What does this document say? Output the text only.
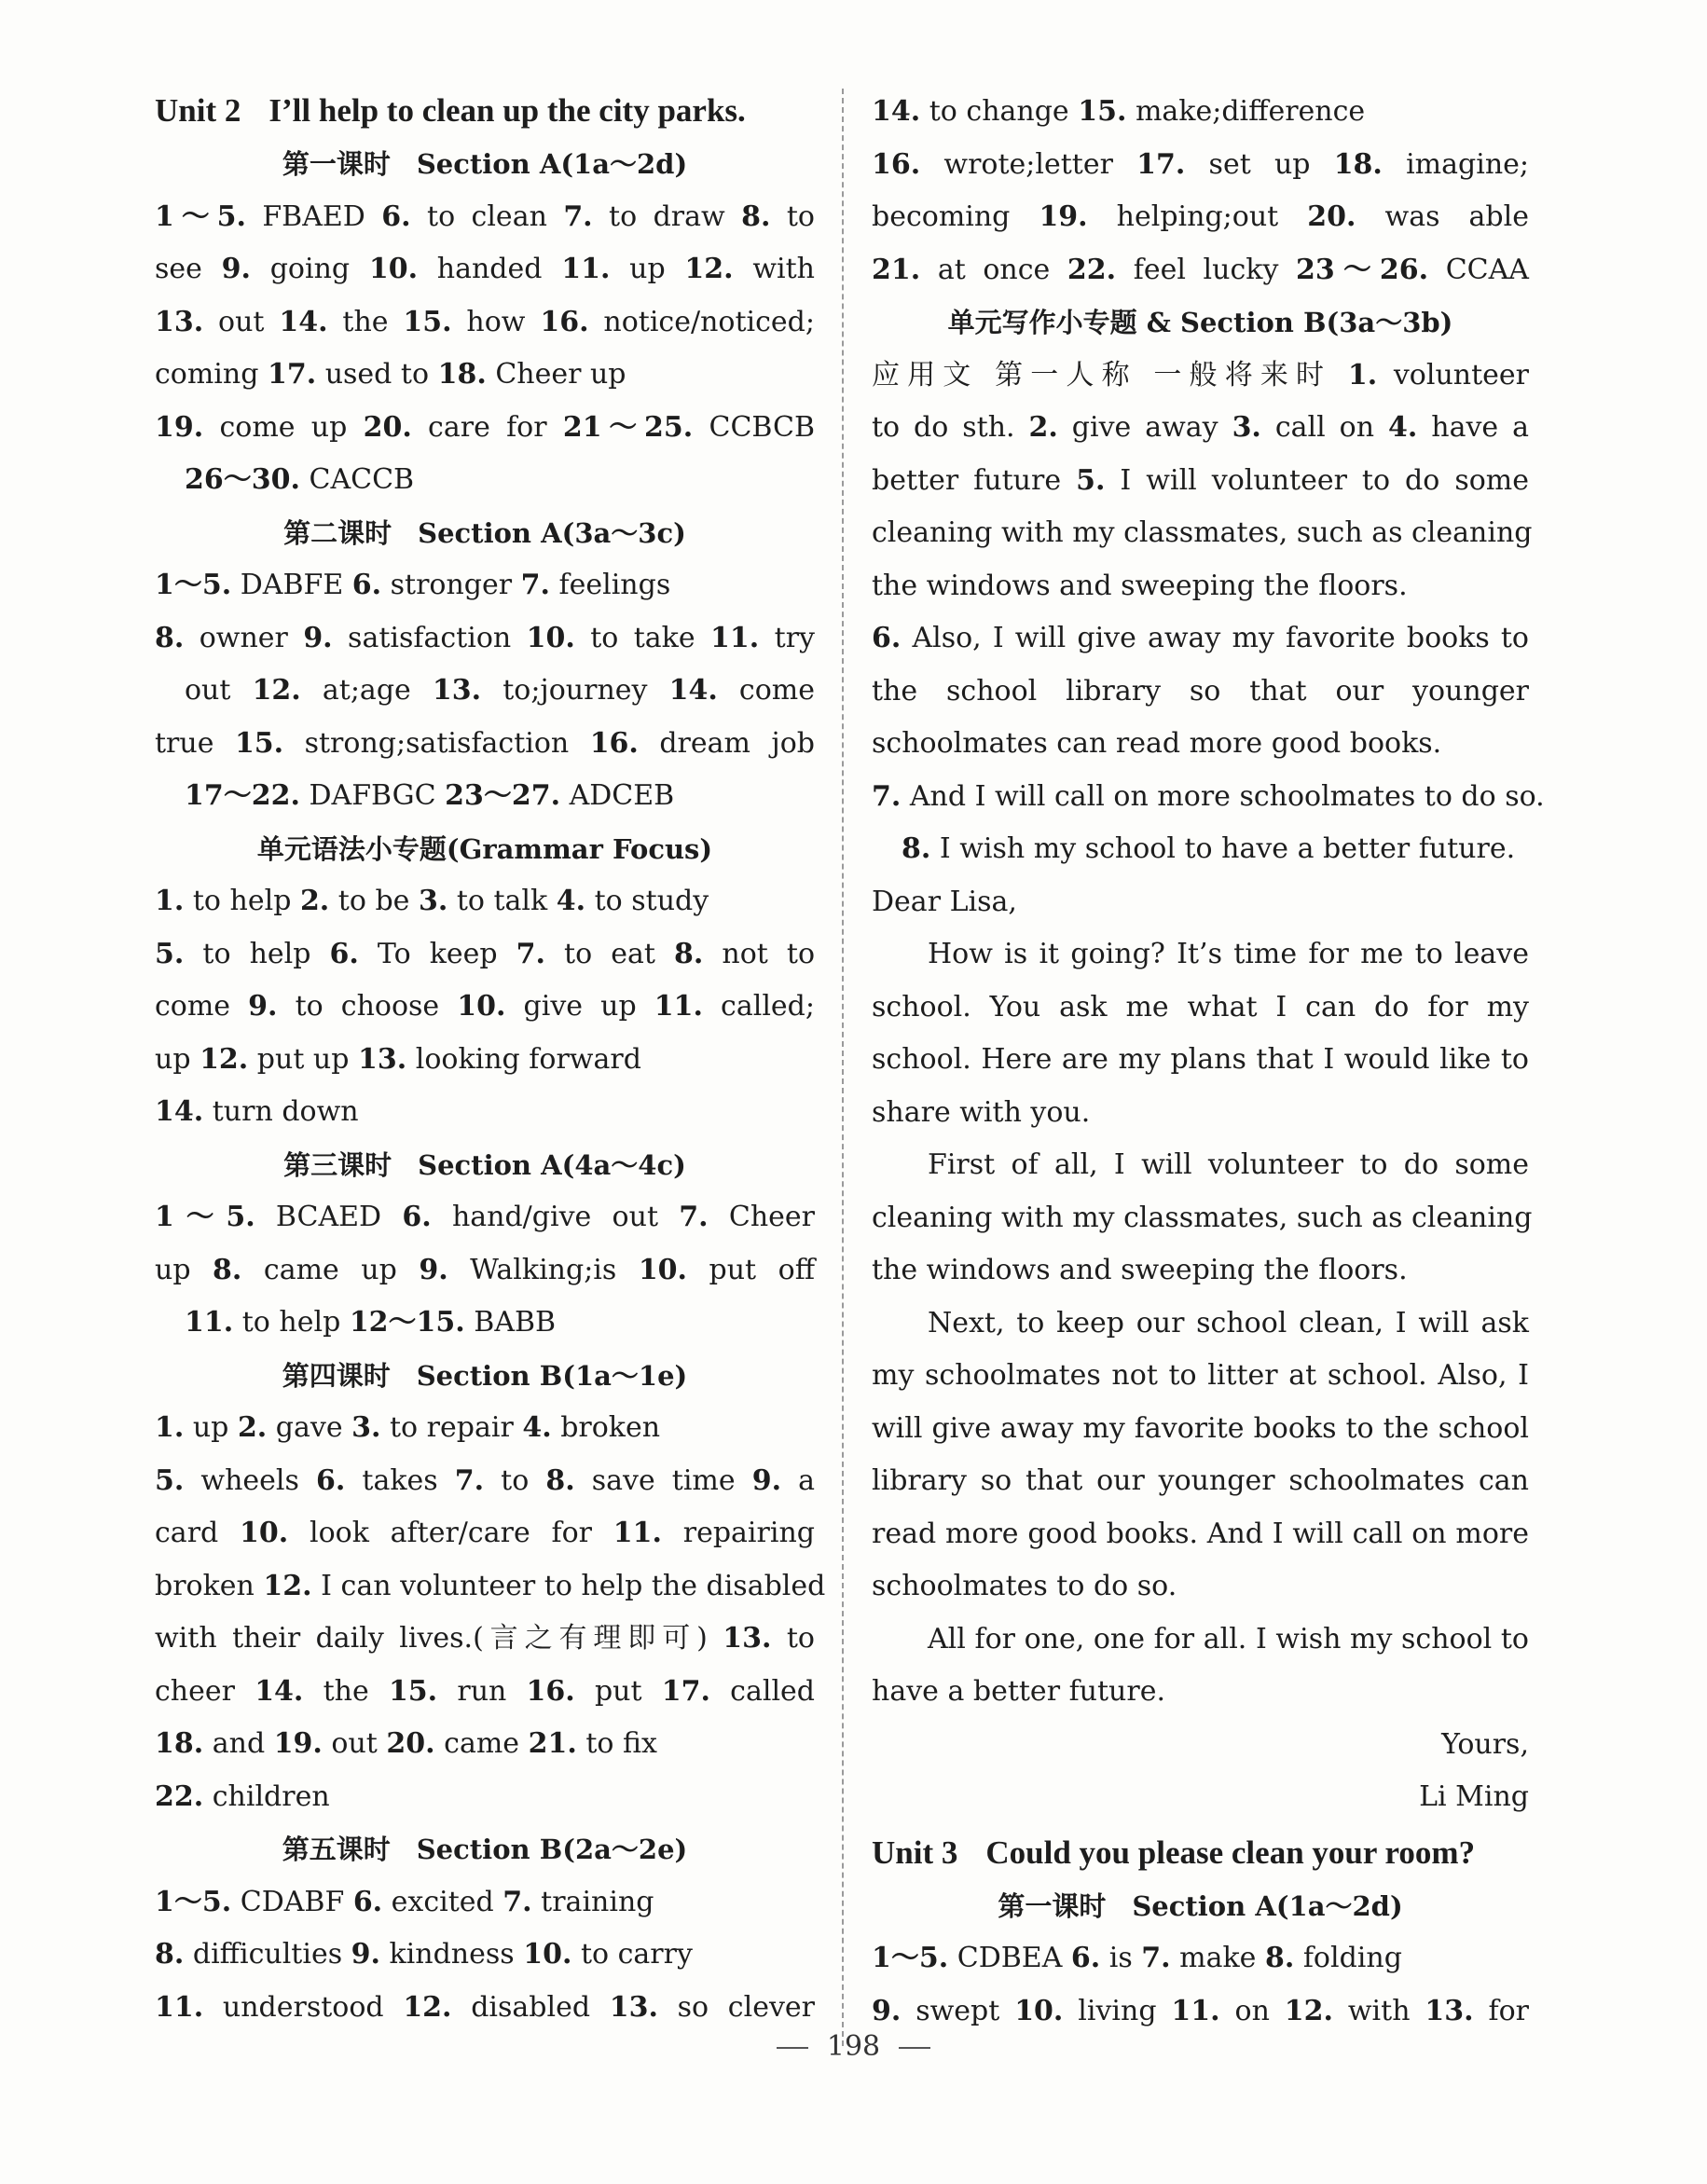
Unit 2 I’ll help to clean up the city parks.
第一课时 Section A(1a～2d)
1～5. FBAED 6. to clean 7. to draw 8. to
see 9. going 10. handed 11. up 12. with
13. out 14. the 15. how 16. notice/noticed;
coming 17. used to 18. Cheer up
19. come up 20. care for 21～25. CCBCB
26～30. CACCB
第二课时 Section A(3a～3c)
1～5. DABFE 6. stronger 7. feelings
8. owner 9. satisfaction 10. to take 11. try
out 12. at;age 13. to;journey 14. come
true 15. strong;satisfaction 16. dream job
17～22. DAFBGC 23～27. ADCEB
单元语法小专题(Grammar Focus)
1. to help 2. to be 3. to talk 4. to study
5. to help 6. To keep 7. to eat 8. not to
come 9. to choose 10. give up 11. called;
up 12. put up 13. looking forward
14. turn down
第三课时 Section A(4a～4c)
1～5. BCAED 6. hand/give out 7. Cheer
up 8. came up 9. Walking;is 10. put off
11. to help 12～15. BABB
第四课时 Section B(1a～1e)
1. up 2. gave 3. to repair 4. broken
5. wheels 6. takes 7. to 8. save time 9. a
card 10. look after/care for 11. repairing
broken 12. I can volunteer to help the disabled
with their daily lives.(言之有理即可) 13. to
cheer 14. the 15. run 16. put 17. called
18. and 19. out 20. came 21. to fix
22. children
第五课时 Section B(2a～2e)
1～5. CDABF 6. excited 7. training
8. difficulties 9. kindness 10. to carry
11. understood 12. disabled 13. so clever
14. to change 15. make;difference
16. wrote;letter 17. set up 18. imagine;
becoming 19. helping;out 20. was able
21. at once 22. feel lucky 23～26. CCAA
单元写作小专题 & Section B(3a～3b)
应用文 第一人称 一般将来时 1. volunteer
to do sth. 2. give away 3. call on 4. have a
better future 5. I will volunteer to do some
cleaning with my classmates, such as cleaning
the windows and sweeping the floors.
6. Also, I will give away my favorite books to
the school library so that our younger
schoolmates can read more good books.
7. And I will call on more schoolmates to do so.
8. I wish my school to have a better future.
Dear Lisa,
How is it going? It’s time for me to leave
school. You ask me what I can do for my
school. Here are my plans that I would like to
share with you.
First of all, I will volunteer to do some
cleaning with my classmates, such as cleaning
the windows and sweeping the floors.
Next, to keep our school clean, I will ask
my schoolmates not to litter at school. Also, I
will give away my favorite books to the school
library so that our younger schoolmates can
read more good books. And I will call on more
schoolmates to do so.
All for one, one for all. I wish my school to
have a better future.
Yours,
Li Ming
Unit 3 Could you please clean your room?
第一课时 Section A(1a～2d)
1～5. CDBEA 6. is 7. make 8. folding
9. swept 10. living 11. on 12. with 13. for
198
